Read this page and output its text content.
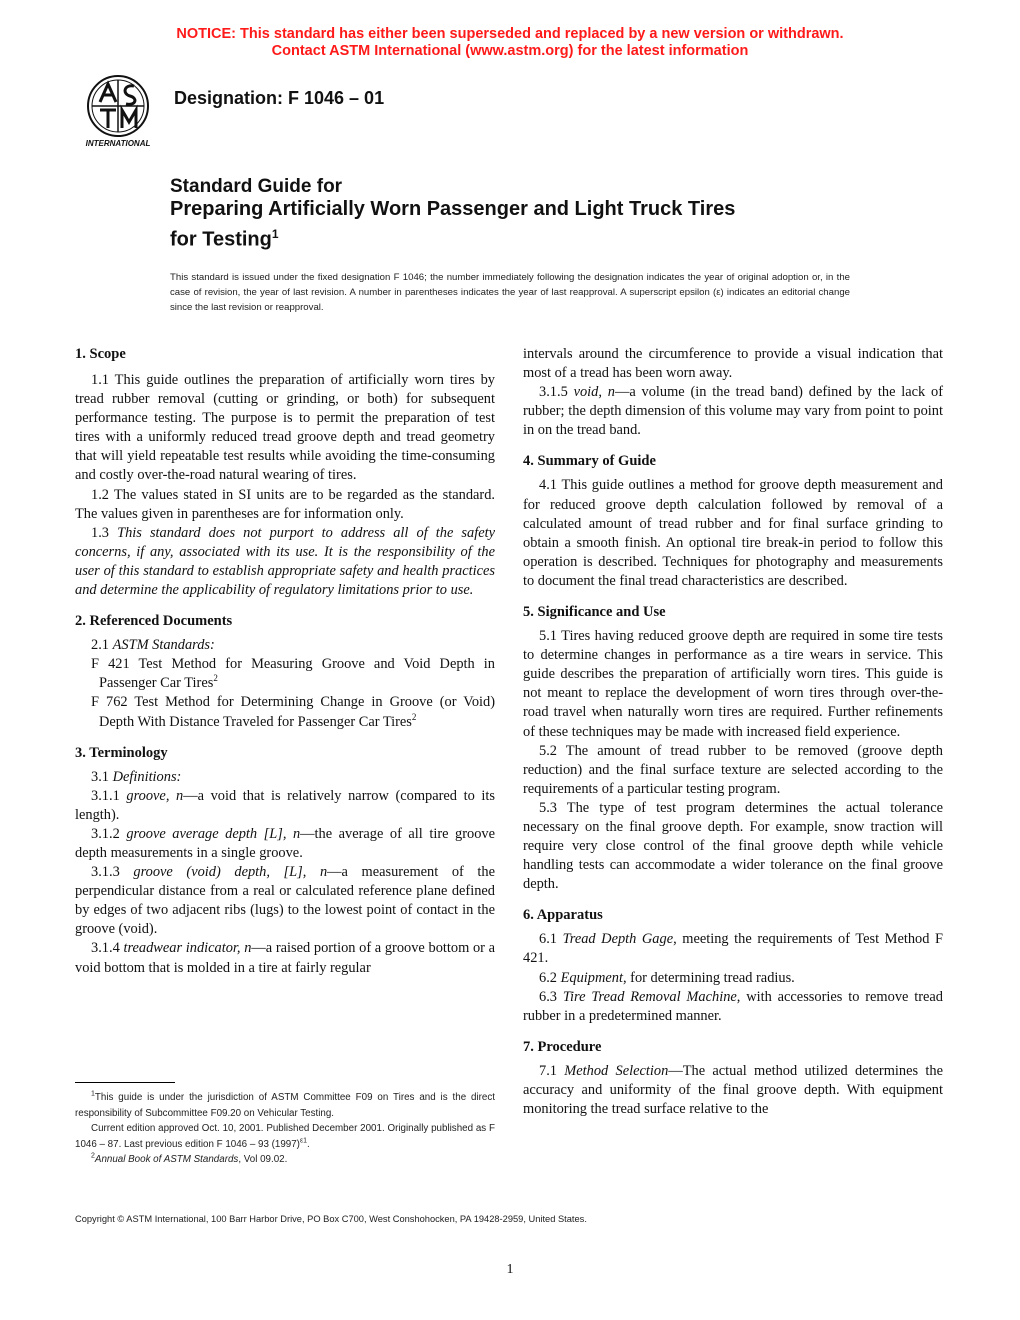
NOTICE: This standard has either been superseded and replaced by a new version or withdrawn.
Contact ASTM International (www.astm.org) for the latest information
INTERNATIONAL
Designation: F 1046 – 01
Standard Guide for
Preparing Artificially Worn Passenger and Light Truck Tires
for Testing$^1$
This standard is issued under the fixed designation F 1046; the number immediately following the designation indicates the year of original adoption or, in the case of revision, the year of last revision. A number in parentheses indicates the year of last reapproval. A superscript epsilon (ε) indicates an editorial change since the last revision or reapproval.
1. Scope

1.1 This guide outlines the preparation of artificially worn tires by tread rubber removal (cutting or grinding, or both) for subsequent performance testing. The purpose is to permit the preparation of test tires with a uniformly reduced tread groove depth and tread geometry that will yield repeatable test results while avoiding the time-consuming and costly over-the-road natural wearing of tires.

1.2 The values stated in SI units are to be regarded as the standard. The values given in parentheses are for information only.

1.3 This standard does not purport to address all of the safety concerns, if any, associated with its use. It is the responsibility of the user of this standard to establish appropriate safety and health practices and determine the applicability of regulatory limitations prior to use.

2. Referenced Documents

2.1 ASTM Standards:

F 421 Test Method for Measuring Groove and Void Depth in Passenger Car Tires$^2$

F 762 Test Method for Determining Change in Groove (or Void) Depth With Distance Traveled for Passenger Car Tires$^2$

3. Terminology

3.1 Definitions:

3.1.1 groove, n—a void that is relatively narrow (compared to its length).

3.1.2 groove average depth [L], n—the average of all tire groove depth measurements in a single groove.

3.1.3 groove (void) depth, [L], n—a measurement of the perpendicular distance from a real or calculated reference plane defined by edges of two adjacent ribs (lugs) to the lowest point of contact in the groove (void).

3.1.4 treadwear indicator, n—a raised portion of a groove bottom or a void bottom that is molded in a tire at fairly regular

$^1$This guide is under the jurisdiction of ASTM Committee F09 on Tires and is the direct responsibility of Subcommittee F09.20 on Vehicular Testing.

Current edition approved Oct. 10, 2001. Published December 2001. Originally published as F 1046 – 87. Last previous edition F 1046 – 93 $(1997)^{\varepsilon 1}$.

$^2$Annual Book of ASTM Standards, Vol 09.02.

intervals around the circumference to provide a visual indication that most of a tread has been worn away.

3.1.5 void, n—a volume (in the tread band) defined by the lack of rubber; the depth dimension of this volume may vary from point to point in on the tread band.

4. Summary of Guide

4.1 This guide outlines a method for groove depth measurement and for reduced groove depth calculation followed by removal of a calculated amount of tread rubber and for final surface grinding to obtain a smooth finish. An optional tire break-in period to follow this operation is described. Techniques for photography and measurements to document the final tread characteristics are described.

5. Significance and Use

5.1 Tires having reduced groove depth are required in some tire tests to determine changes in performance as a tire wears in service. This guide describes the preparation of artificially worn tires. This guide is not meant to replace the development of worn tires through over-the-road travel when naturally worn tires are required. Further refinements of these techniques may be made with increased field experience.

5.2 The amount of tread rubber to be removed (groove depth reduction) and the final surface texture are selected according to the requirements of a particular testing program.

5.3 The type of test program determines the actual tolerance necessary on the final groove depth. For example, snow traction will require very close control of the final groove depth while vehicle handling tests can accommodate a wider tolerance on the final groove depth.

6. Apparatus

6.1 Tread Depth Gage, meeting the requirements of Test Method F 421.

6.2 Equipment, for determining tread radius.

6.3 Tire Tread Removal Machine, with accessories to remove tread rubber in a predetermined manner.

7. Procedure

7.1 Method Selection—The actual method utilized determines the accuracy and uniformity of the final groove depth. With equipment monitoring the tread surface relative to the

Copyright © ASTM International, 100 Barr Harbor Drive, PO Box C700, West Conshohocken, PA 19428-2959, United States.
1
